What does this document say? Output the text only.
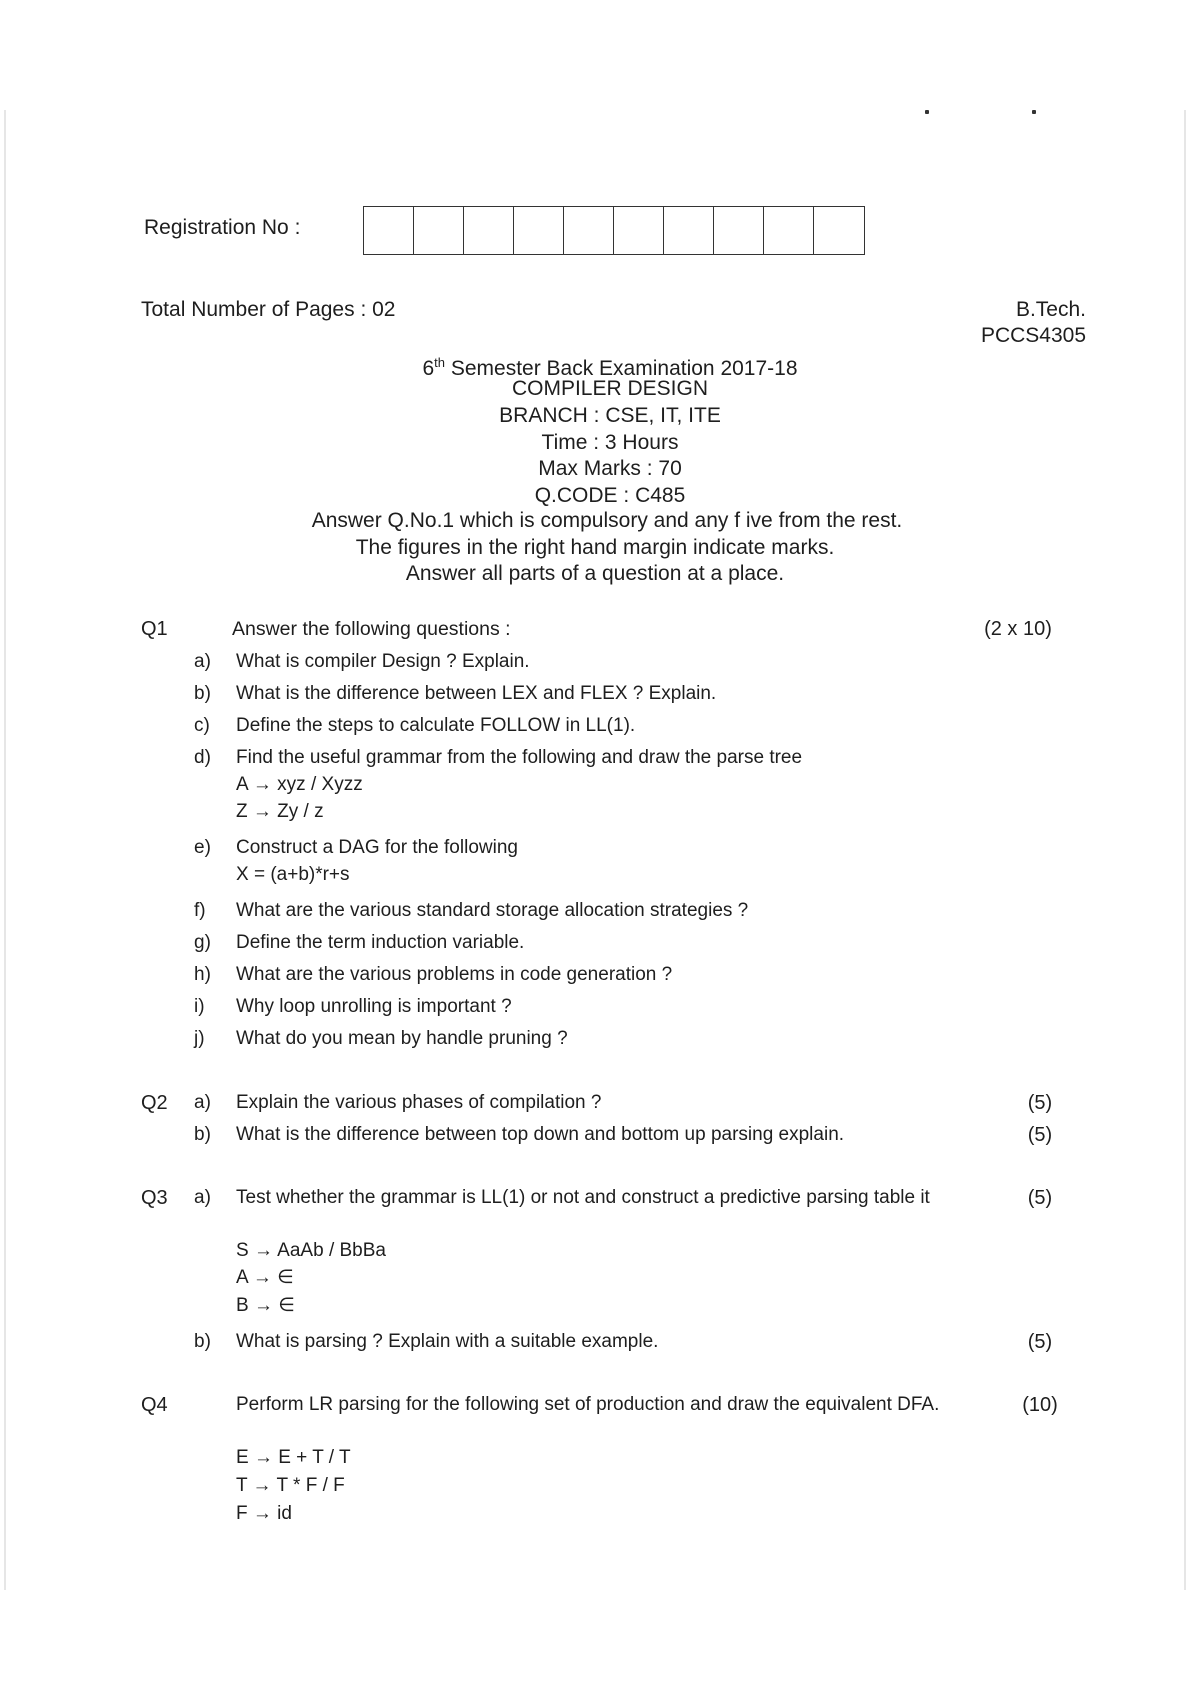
Registration No :
Total Number of Pages : 02	B.Tech.
PCCS4305
6th Semester Back Examination 2017-18
COMPILER DESIGN
BRANCH : CSE, IT, ITE
Time : 3 Hours
Max Marks : 70
Q.CODE : C485
Answer Q.No.1 which is compulsory and any f ive from the rest.
The figures in the right hand margin indicate marks.
Answer all parts of a question at a place.
Q1	Answer the following questions :	(2 x 10)
a) What is compiler Design ? Explain.
b) What is the difference between LEX and FLEX ? Explain.
c) Define the steps to calculate FOLLOW in LL(1).
d) Find the useful grammar from the following and draw the parse tree
A → xyz / Xyzz
Z → Zy / z
e) Construct a DAG for the following
X = (a+b)*r+s
f) What are the various standard storage allocation strategies ?
g) Define the term induction variable.
h) What are the various problems in code generation ?
i) Why loop unrolling is important ?
j) What do you mean by handle pruning ?
Q2 a) Explain the various phases of compilation ?	(5)
b) What is the difference between top down and bottom up parsing explain.	(5)
Q3 a) Test whether the grammar is LL(1) or not and construct a predictive parsing table it	(5)
S → AaAb / BbBa
A → ∈
B → ∈
b) What is parsing ? Explain with a suitable example.	(5)
Q4	Perform LR parsing for the following set of production and draw the equivalent DFA.	(10)
E → E + T / T
T → T * F / F
F → id
